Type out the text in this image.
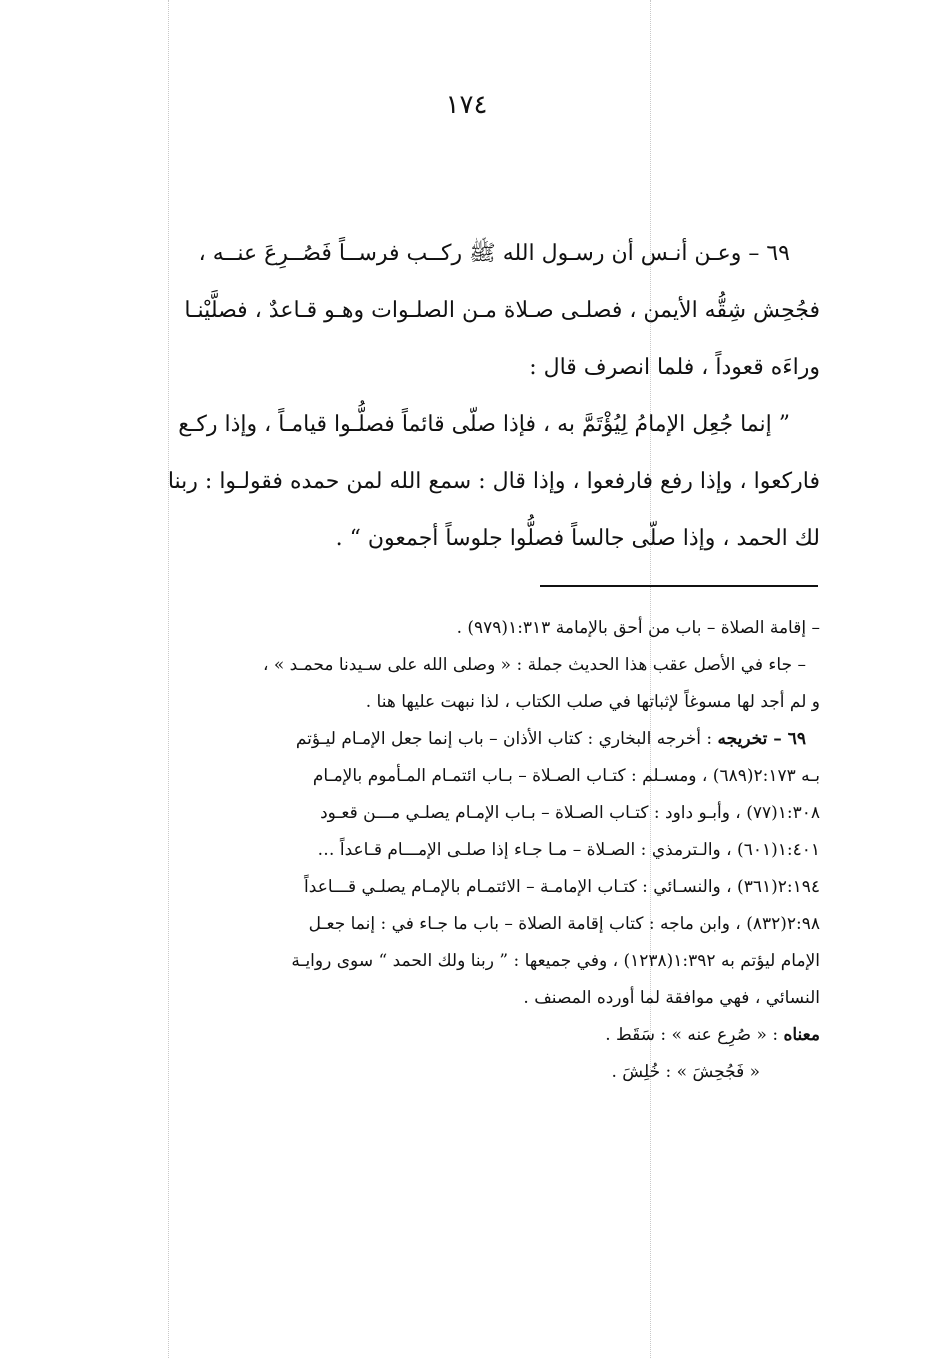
١٧٤

٦٩ – وعـن أنـس أن رسـول الله ﷺ ركــب فرســاً فَصُــرِعَ عنــه ،

فجُحِش شِقُّه الأيمن ، فصلـى صـلاة مـن الصلـوات وهـو قـاعدٌ ، فصلَّيْنـا

وراءَه قعوداً ، فلما انصرف قال :

” إنما جُعِل الإمامُ لِيُؤْتَمَّ به ، فإذا صلّى قائماً فصلُّـوا قيامـاً ، وإذا ركـع

فاركعوا ، وإذا رفع فارفعوا ، وإذا قال : سمع الله لمن حمده فقولـوا : ربنا

لك الحمد ، وإذا صلّى جالساً فصلُّوا جلوساً أجمعون “ .

– إقامة الصلاة – باب من أحق بالإمامة ١:٣١٣(٩٧٩) .

– جاء في الأصل عقب هذا الحديث جملة : « وصلى الله على سـيدنا محمـد » ،

و لم أجد لها مسوغاً لإثباتها في صلب الكتاب ، لذا نبهت عليها هنا .

٦٩ – تخريجه : أخرجه البخاري : كتاب الأذان – باب إنما جعل الإمـام ليـؤتم

بـه ٢:١٧٣(٦٨٩) ، ومسـلم : كتـاب الصـلاة – بـاب ائتمـام المـأموم بالإمـام

١:٣٠٨(٧٧) ، وأبـو داود : كتـاب الصـلاة – بـاب الإمـام يصلـي مـــن قعـود

١:٤٠١(٦٠١) ، والـترمذي : الصـلاة – مـا جـاء إذا صلـى الإمـــام قـاعداً …

٢:١٩٤(٣٦١) ، والنسـائي : كتـاب الإمامـة – الائتمـام بالإمـام يصلـي قـــاعداً

٢:٩٨(٨٣٢) ، وابن ماجه : كتاب إقامة الصلاة – باب ما جـاء في : إنما جعـل

الإمام ليؤتم به ١:٣٩٢(١٢٣٨) ، وفي جميعها : ” ربنا ولك الحمد “ سوى روايـة

النسائي ، فهي موافقة لما أورده المصنف .

معناه : « صُرِع عنه » : سَقَط .

« فَجُحِشَ » : خُلِشَ .
